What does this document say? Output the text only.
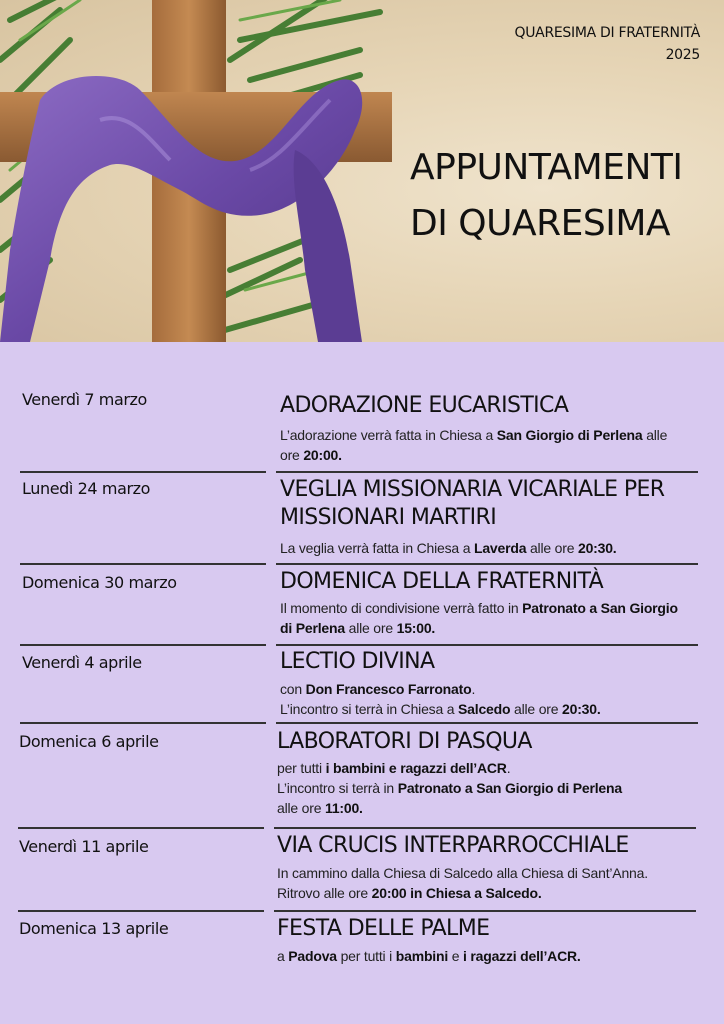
QUARESIMA DI FRATERNITÀ
2025
APPUNTAMENTI
DI QUARESIMA
Venerdì 7 marzo	ADORAZIONE EUCARISTICA
L’adorazione verrà fatta in Chiesa a San Giorgio di Perlena alle
ore 20:00.
Lunedì 24 marzo	VEGLIA MISSIONARIA VICARIALE PER MISSIONARI MARTIRI
La veglia verrà fatta in Chiesa a Laverda alle ore 20:30.
Domenica 30 marzo	DOMENICA DELLA FRATERNITÀ
Il momento di condivisione verrà fatto in Patronato a San Giorgio
di Perlena alle ore 15:00.
Venerdì 4 aprile	LECTIO DIVINA
con Don Francesco Farronato.
L’incontro si terrà in Chiesa a Salcedo alle ore 20:30.
Domenica 6 aprile	LABORATORI DI PASQUA
per tutti i bambini e ragazzi dell’ACR.
L’incontro si terrà in Patronato a San Giorgio di Perlena
alle ore 11:00.
Venerdì 11 aprile	VIA CRUCIS INTERPARROCCHIALE
In cammino dalla Chiesa di Salcedo alla Chiesa di Sant’Anna.
Ritrovo alle ore 20:00 in Chiesa a Salcedo.
Domenica 13 aprile	FESTA DELLE PALME
a Padova per tutti i bambini e i ragazzi dell’ACR.
